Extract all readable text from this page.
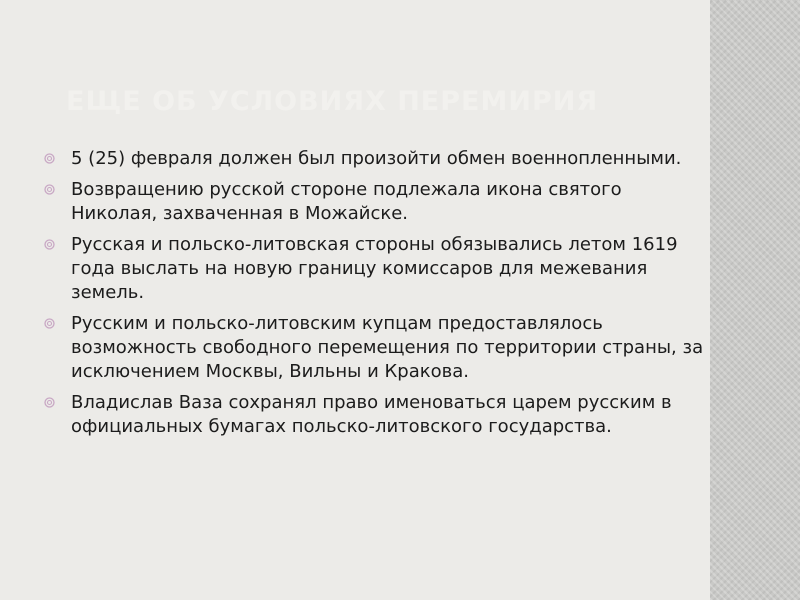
ЕЩЕ ОБ УСЛОВИЯХ ПЕРЕМИРИЯ
5 (25) февраля должен был произойти обмен военнопленными.
Возвращению русской стороне подлежала икона святого Николая, захваченная в Можайске.
Русская и польско-литовская стороны обязывались летом 1619 года выслать на новую границу комиссаров для межевания земель.
Русским и польско-литовским купцам предоставлялось возможность свободного перемещения по территории страны, за исключением Москвы, Вильны и Кракова.
Владислав Ваза сохранял право именоваться царем русским в официальных бумагах польско-литовского государства.
